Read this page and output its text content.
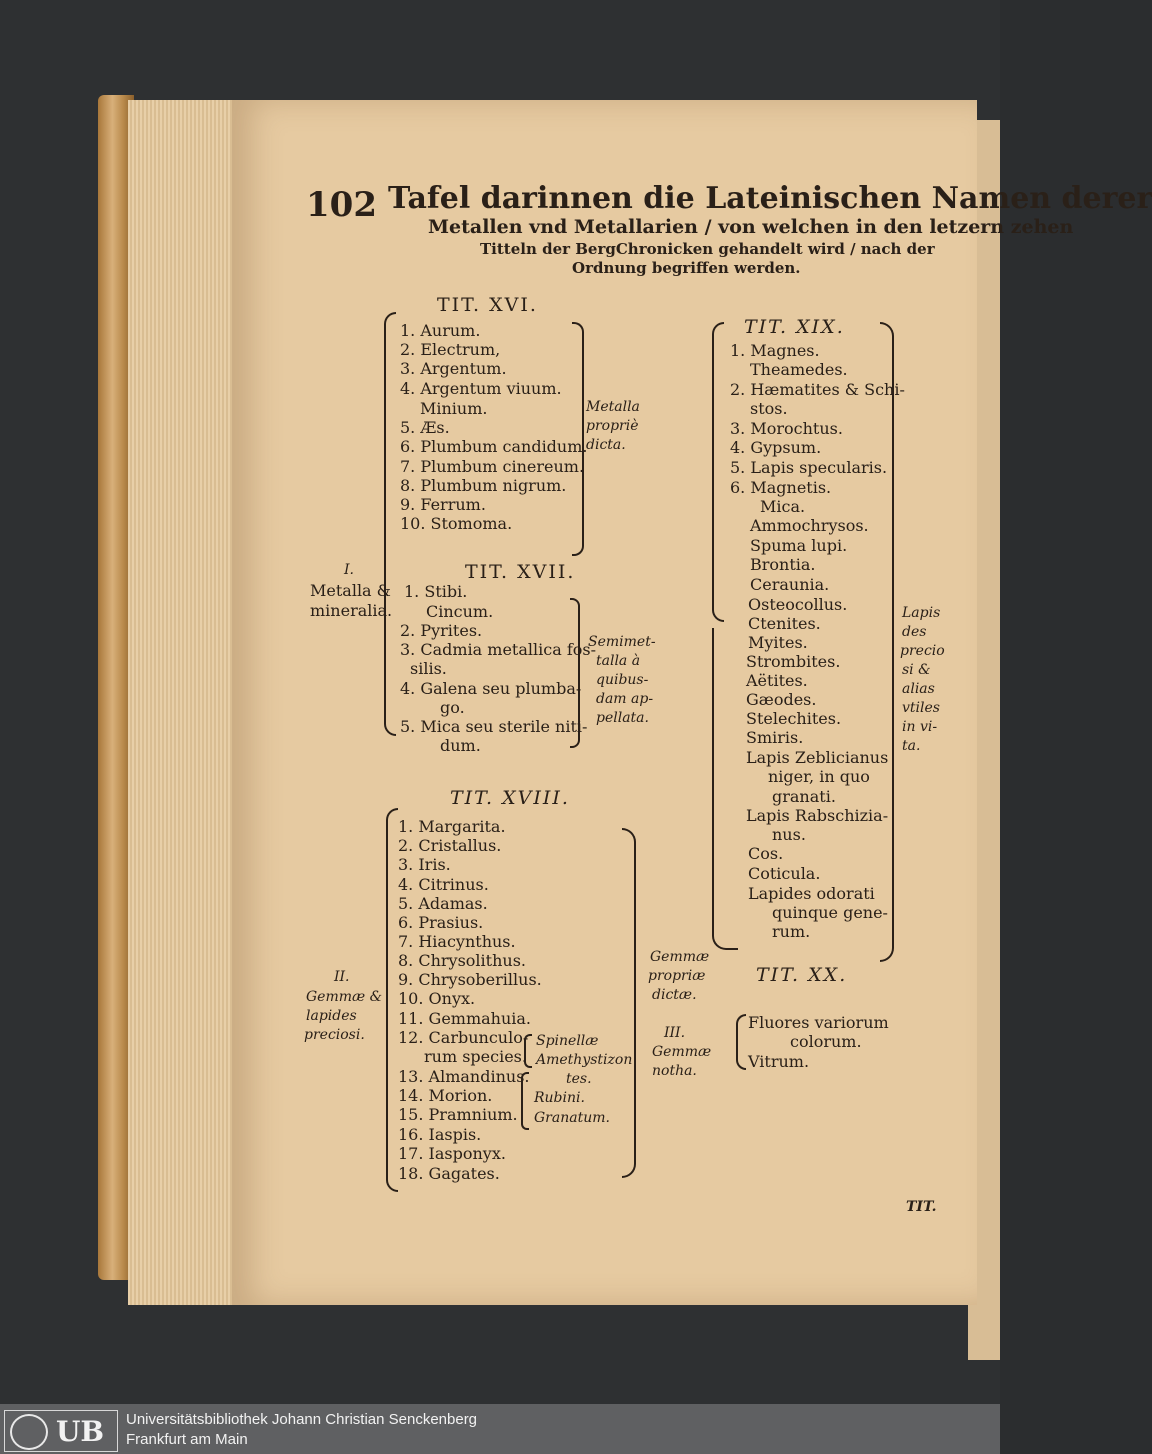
102 Tafel darinnen die Lateinischen Namen derer
Metallen vnd Metallarien / von welchen in den letzern zehen
Titteln der BergChronicken gehandelt wird / nach der
Ordnung begriffen werden.
I.
Metalla &
mineralia.
TIT. XVI.
1. Aurum.
2. Electrum,
3. Argentum.
4. Argentum viuum.
Minium.
5. Æs.
6. Plumbum candidum.
7. Plumbum cinereum.
8. Plumbum nigrum.
9. Ferrum.
10. Stomoma.
Metalla
propriè
dicta.
TIT. XVII.
1. Stibi.
Cincum.
2. Pyrites.
3. Cadmia metallica fos-
silis.
4. Galena seu plumba-
go.
5. Mica seu sterile niti-
dum.
Semimet-
talla à
quibus-
dam ap-
pellata.
II.
Gemmæ &
lapides
preciosi.
TIT. XVIII.
1. Margarita.
2. Cristallus.
3. Iris.
4. Citrinus.
5. Adamas.
6. Prasius.
7. Hiacynthus.
8. Chrysolithus.
9. Chrysoberillus.
10. Onyx.
11. Gemmahuia.
12. Carbunculo-
rum species.
13. Almandinus.
14. Morion.
15. Pramnium.
16. Iaspis.
17. Iasponyx.
18. Gagates.
Spinellæ
Amethystizon
tes.
Rubini.
Granatum.
Gemmæ
propriæ
dictæ.
III.
Gemmæ
notha.
TIT. XIX.
1. Magnes.
Theamedes.
2. Hæmatites & Schi-
stos.
3. Morochtus.
4. Gypsum.
5. Lapis specularis.
6. Magnetis.
Mica.
Ammochrysos.
Spuma lupi.
Brontia.
Ceraunia.
Osteocollus.
Ctenites.
Myites.
Strombites.
Aëtites.
Gæodes.
Stelechites.
Smiris.
Lapis Zeblicianus
niger, in quo
granati.
Lapis Rabschizia-
nus.
Cos.
Coticula.
Lapides odorati
quinque gene-
rum.
Lapis
des
precio
si &
alias
vtiles
in vi-
ta.
TIT. XX.
Fluores variorum
colorum.
Vitrum.
TIT.
UB Universitätsbibliothek Johann Christian Senckenberg
Frankfurt am Main
